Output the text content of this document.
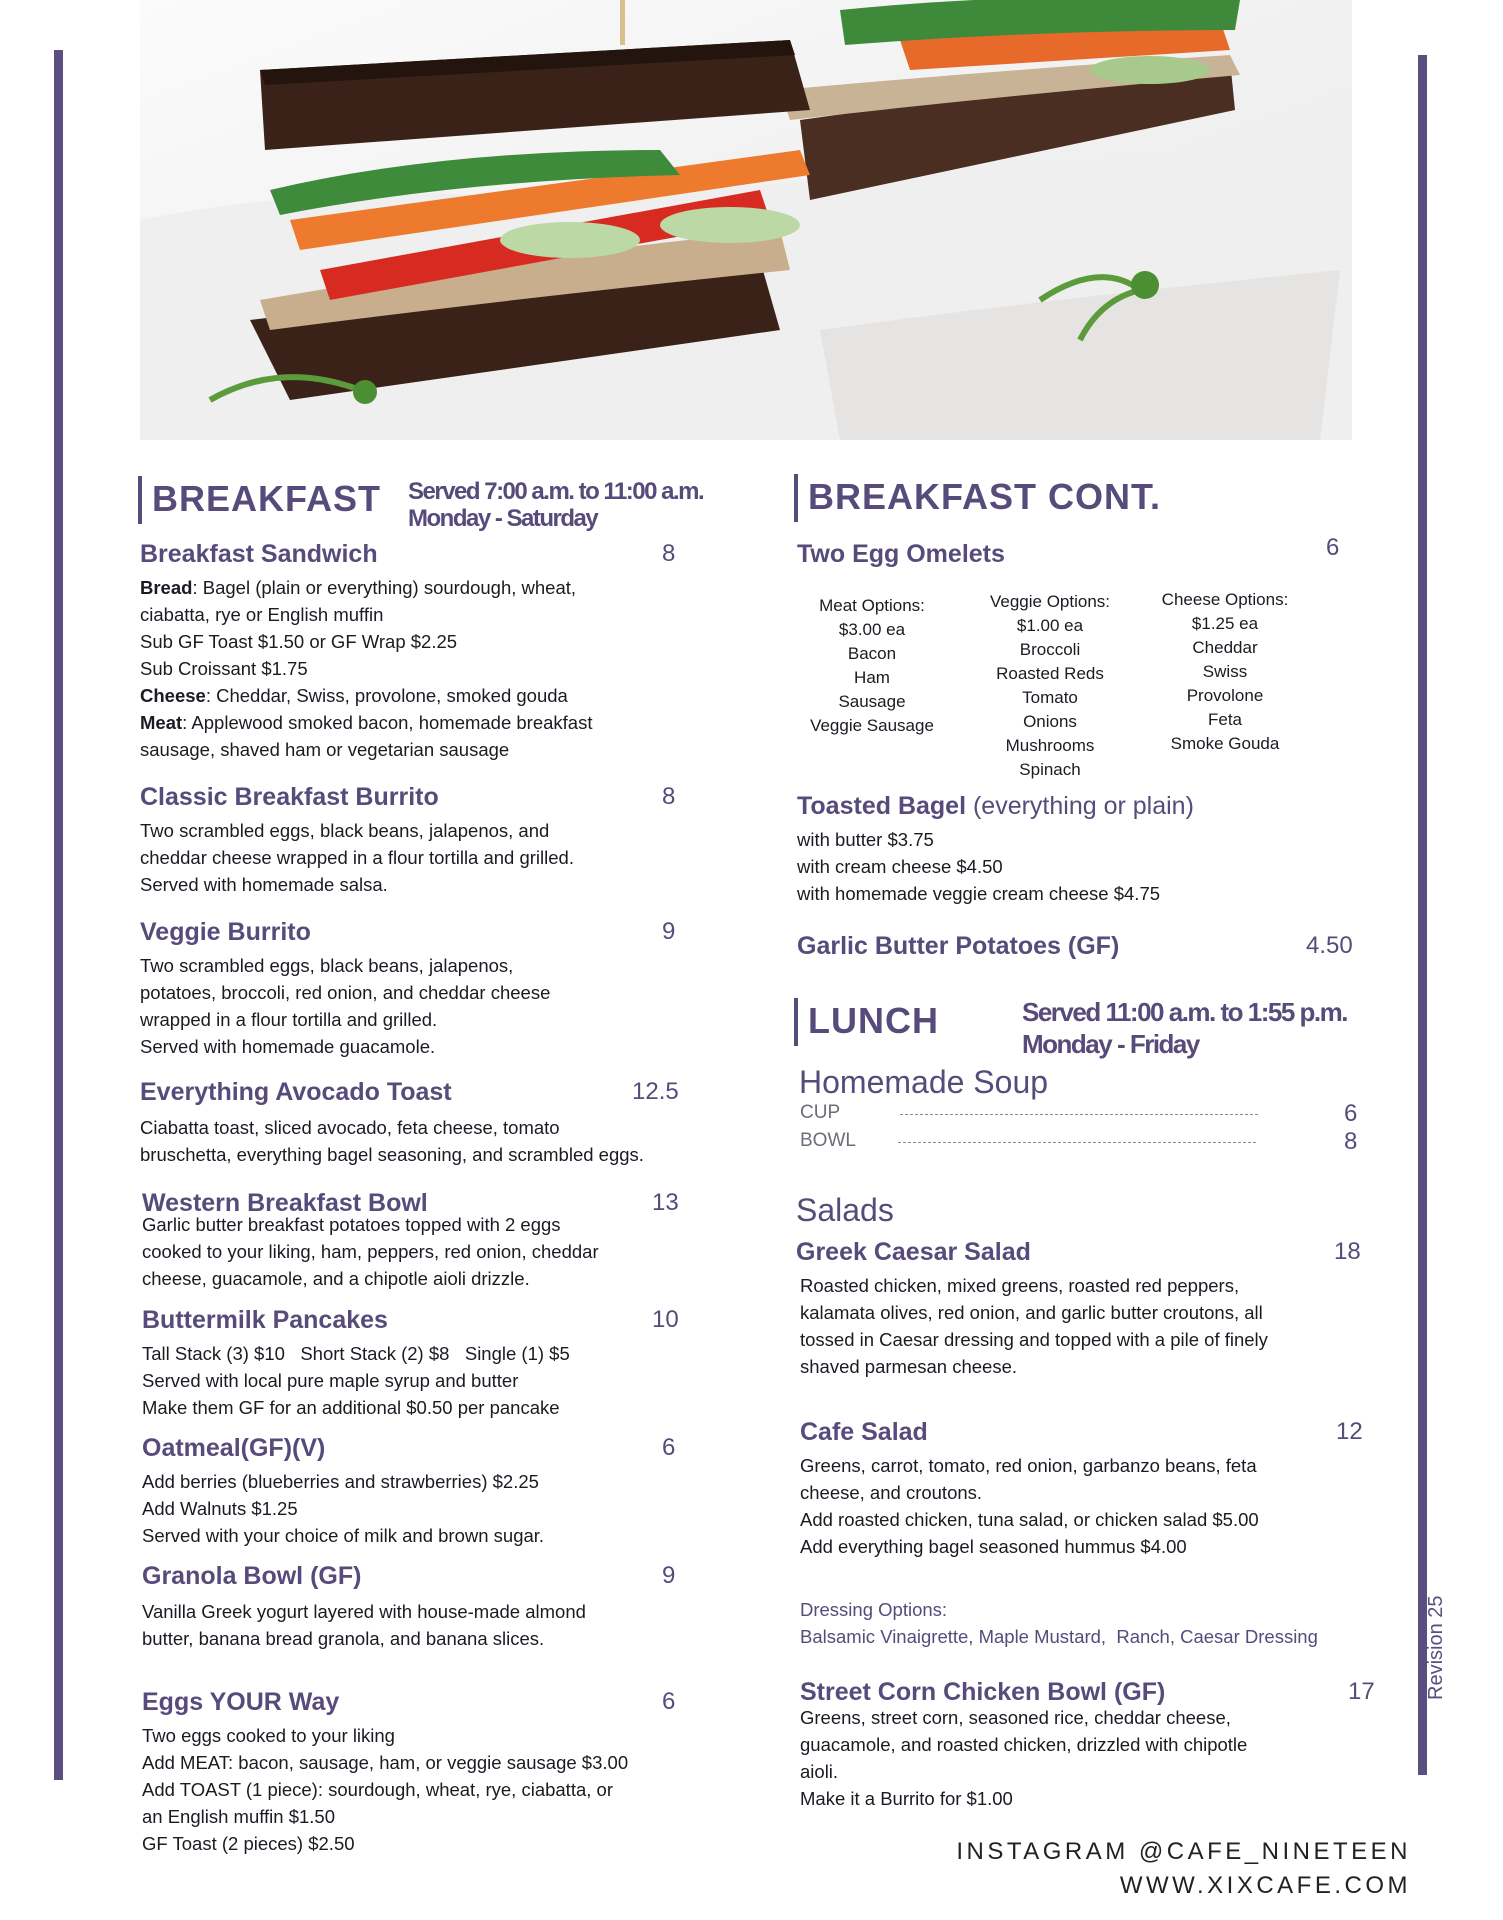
Revision 25
BREAKFAST Served 7:00 a.m. to 11:00 a.m.
Monday - Saturday
Breakfast Sandwich	8
Bread: Bagel (plain or everything) sourdough, wheat,
ciabatta, rye or English muffin
Sub GF Toast $1.50 or GF Wrap $2.25
Sub Croissant $1.75
Cheese: Cheddar, Swiss, provolone, smoked gouda
Meat: Applewood smoked bacon, homemade breakfast
sausage, shaved ham or vegetarian sausage
Classic Breakfast Burrito	8
Two scrambled eggs, black beans, jalapenos, and
cheddar cheese wrapped in a flour tortilla and grilled.
Served with homemade salsa.
Veggie Burrito	9
Two scrambled eggs, black beans, jalapenos,
potatoes, broccoli, red onion, and cheddar cheese
wrapped in a flour tortilla and grilled.
Served with homemade guacamole.
Everything Avocado Toast	12.5
Ciabatta toast, sliced avocado, feta cheese, tomato
bruschetta, everything bagel seasoning, and scrambled eggs.
Western Breakfast Bowl	13
Garlic butter breakfast potatoes topped with 2 eggs
cooked to your liking, ham, peppers, red onion, cheddar
cheese, guacamole, and a chipotle aioli drizzle.
Buttermilk Pancakes	10
Tall Stack (3) $10   Short Stack (2) $8   Single (1) $5
Served with local pure maple syrup and butter
Make them GF for an additional $0.50 per pancake
Oatmeal(GF)(V)	6
Add berries (blueberries and strawberries) $2.25
Add Walnuts $1.25
Served with your choice of milk and brown sugar.
Granola Bowl (GF)	9
Vanilla Greek yogurt layered with house-made almond
butter, banana bread granola, and banana slices.
Eggs YOUR Way	6
Two eggs cooked to your liking
Add MEAT: bacon, sausage, ham, or veggie sausage $3.00
Add TOAST (1 piece): sourdough, wheat, rye, ciabatta, or
an English muffin $1.50
GF Toast (2 pieces) $2.50
BREAKFAST CONT.
Two Egg Omelets	6
Meat Options:
$3.00 ea
Bacon
Ham
Sausage
Veggie Sausage
Veggie Options:
$1.00 ea
Broccoli
Roasted Reds
Tomato
Onions
Mushrooms
Spinach
Cheese Options:
$1.25 ea
Cheddar
Swiss
Provolone
Feta
Smoke Gouda
Toasted Bagel (everything or plain)
with butter $3.75
with cream cheese $4.50
with homemade veggie cream cheese $4.75
Garlic Butter Potatoes (GF)	4.50
LUNCH	Served 11:00 a.m. to 1:55 p.m.
Monday - Friday
Homemade Soup
CUP	6
BOWL	8
Salads
Greek Caesar Salad	18
Roasted chicken, mixed greens, roasted red peppers,
kalamata olives, red onion, and garlic butter croutons, all
tossed in Caesar dressing and topped with a pile of finely
shaved parmesan cheese.
Cafe Salad	12
Greens, carrot, tomato, red onion, garbanzo beans, feta
cheese, and croutons.
Add roasted chicken, tuna salad, or chicken salad $5.00
Add everything bagel seasoned hummus $4.00
Dressing Options:
Balsamic Vinaigrette, Maple Mustard,  Ranch, Caesar Dressing
Street Corn Chicken Bowl (GF)	17
Greens, street corn, seasoned rice, cheddar cheese,
guacamole, and roasted chicken, drizzled with chipotle
aioli.
Make it a Burrito for $1.00
INSTAGRAM @CAFE_NINETEEN
WWW.XIXCAFE.COM
